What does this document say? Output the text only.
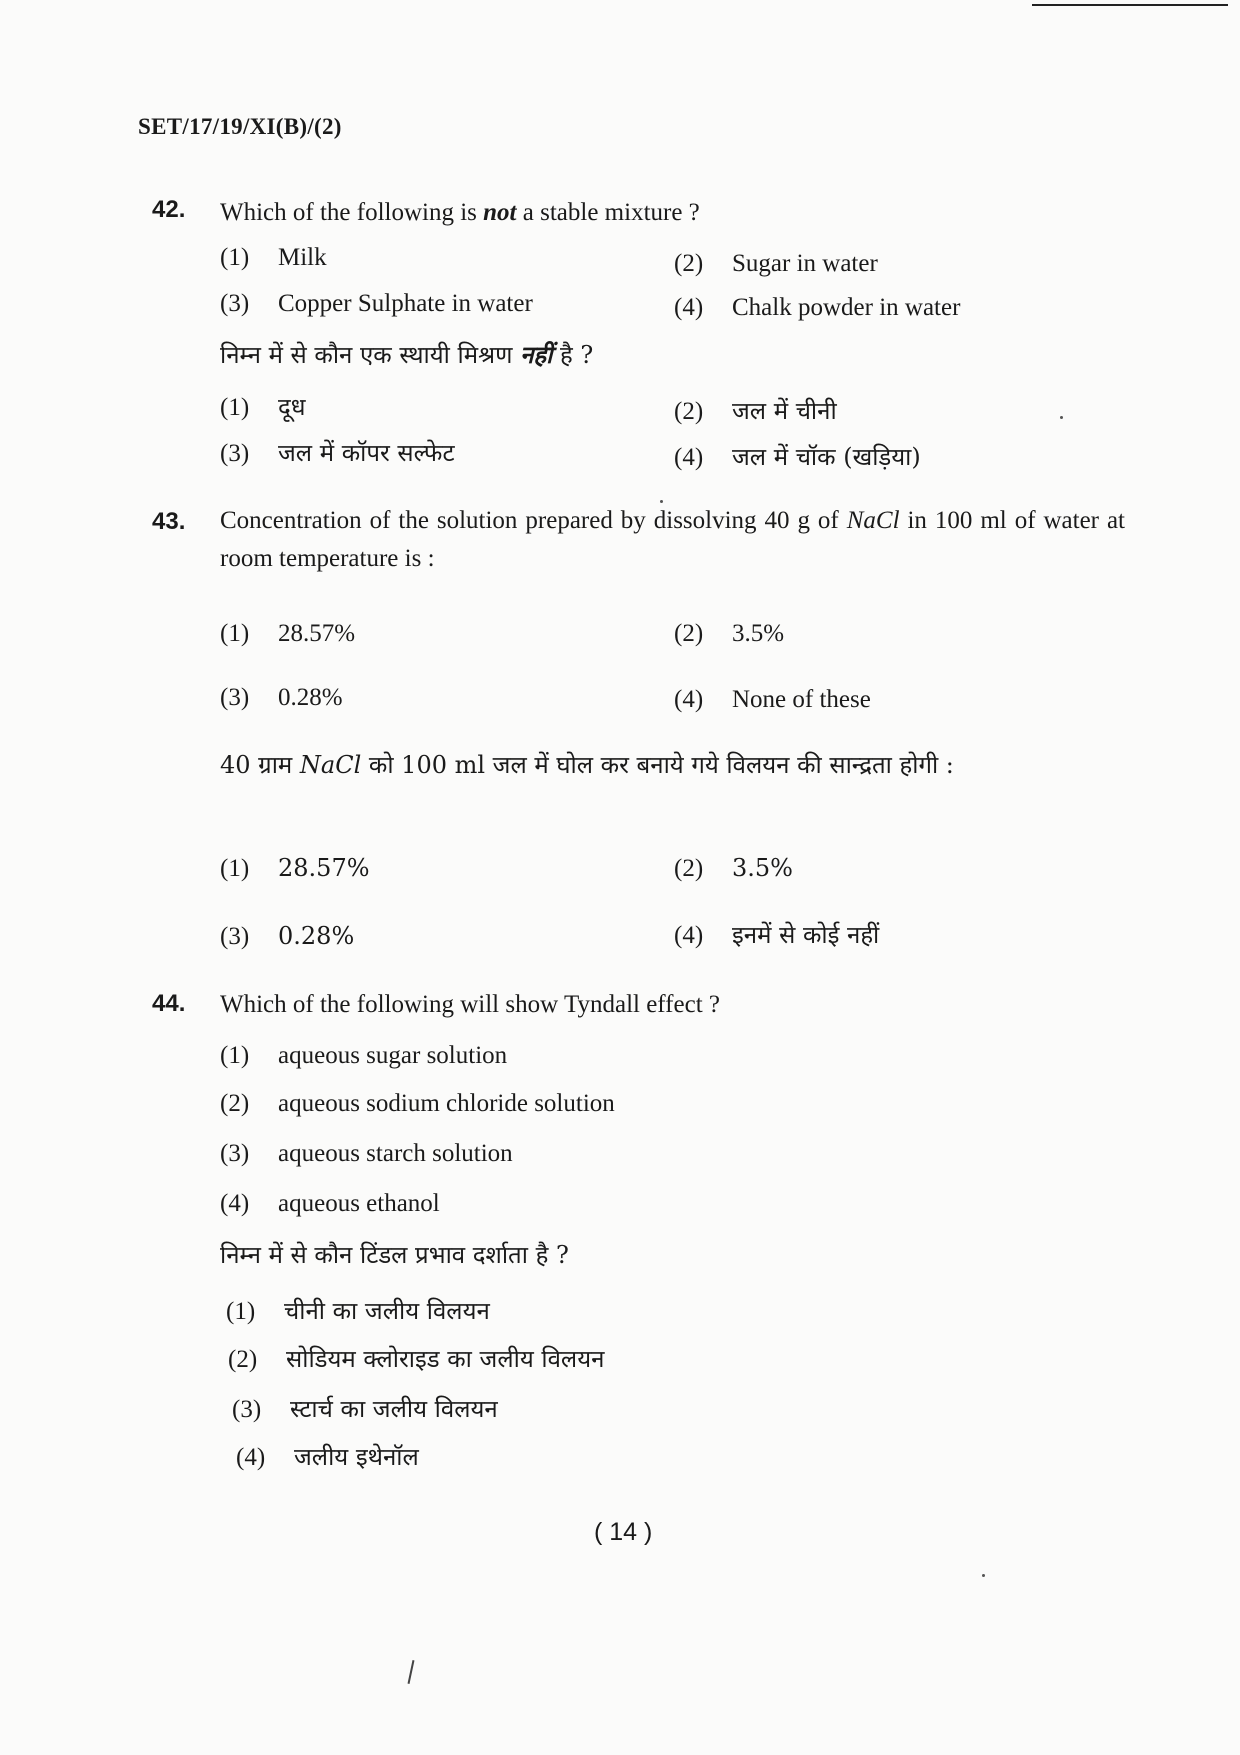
SET/17/19/XI(B)/(2)
42. Which of the following is not a stable mixture ?
(1) Milk	(2) Sugar in water
(3) Copper Sulphate in water	(4) Chalk powder in water
निम्न में से कौन एक स्थायी मिश्रण नहीं है ?
(1) दूध	(2) जल में चीनी
(3) जल में कॉपर सल्फेट	(4) जल में चॉक (खड़िया)
43. Concentration of the solution prepared by dissolving 40 g of NaCl in 100 ml of water at room temperature is :
(1) 28.57%	(2) 3.5%
(3) 0.28%	(4) None of these
40 ग्राम NaCl को 100 ml जल में घोल कर बनाये गये विलयन की सान्द्रता होगी :
(1) 28.57%	(2) 3.5%
(3) 0.28%	(4) इनमें से कोई नहीं
44. Which of the following will show Tyndall effect ?
(1) aqueous sugar solution
(2) aqueous sodium chloride solution
(3) aqueous starch solution
(4) aqueous ethanol
निम्न में से कौन टिंडल प्रभाव दर्शाता है ?
(1) चीनी का जलीय विलयन
(2) सोडियम क्लोराइड का जलीय विलयन
(3) स्टार्च का जलीय विलयन
(4) जलीय इथेनॉल
( 14 )
